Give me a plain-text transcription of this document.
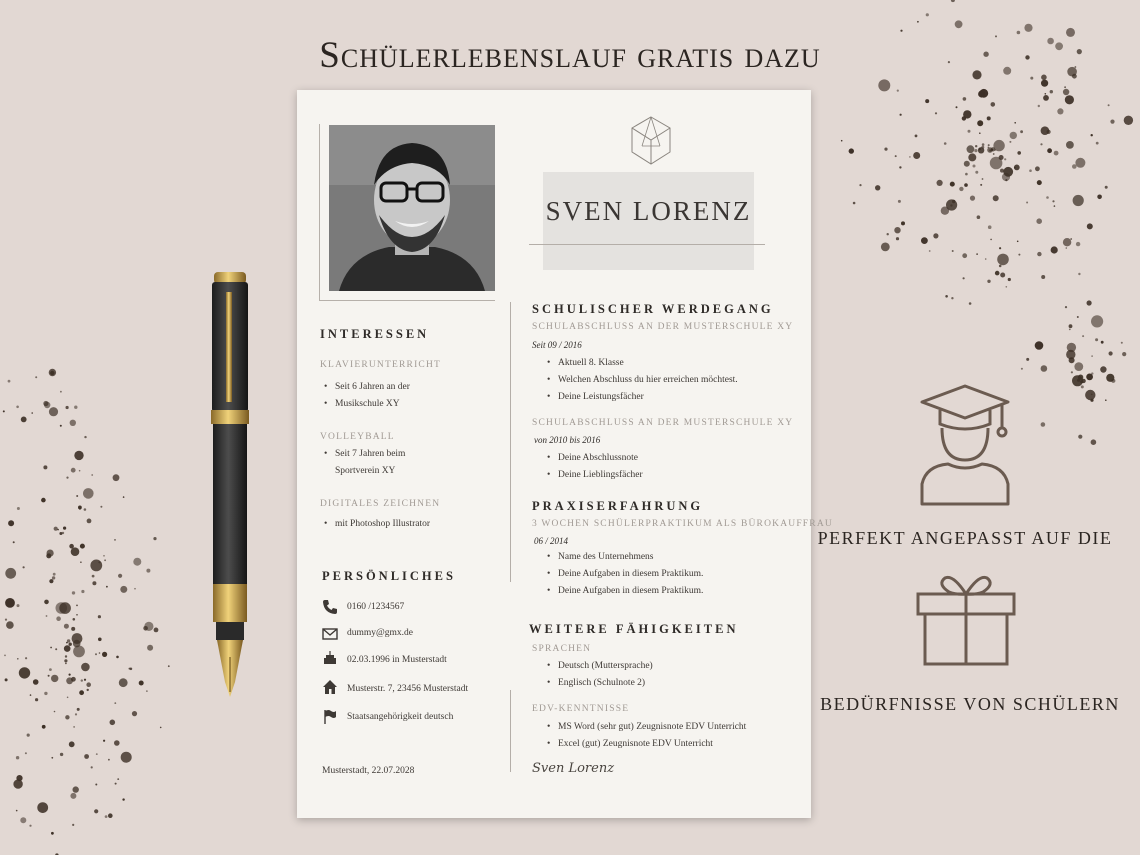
Schülerlebenslauf gratis dazu
SVEN LORENZ
INTERESSEN
KLAVIERUNTERRICHT
• Seit 6 Jahren an der
• Musikschule XY
VOLLEYBALL
• Seit 7 Jahren beim
Sportverein XY
DIGITALES ZEICHNEN
• mit Photoshop Illustrator
PERSÖNLICHES
0160 /1234567
dummy@gmx.de
02.03.1996 in Musterstadt
Musterstr. 7, 23456 Musterstadt
Staatsangehörigkeit deutsch
Musterstadt, 22.07.2028
SCHULISCHER WERDEGANG
SCHULABSCHLUSS AN DER MUSTERSCHULE XY
Seit 09 / 2016
• Aktuell 8. Klasse
• Welchen Abschluss du hier erreichen möchtest.
• Deine Leistungsfächer
SCHULABSCHLUSS AN DER MUSTERSCHULE XY
von 2010 bis 2016
• Deine Abschlussnote
• Deine Lieblingsfächer
PRAXISERFAHRUNG
3 WOCHEN SCHÜLERPRAKTIKUM ALS BÜROKAUFFRAU
06 / 2014
• Name des Unternehmens
• Deine Aufgaben in diesem Praktikum.
• Deine Aufgaben in diesem Praktikum.
WEITERE FÄHIGKEITEN
SPRACHEN
• Deutsch (Muttersprache)
• Englisch (Schulnote 2)
EDV-KENNTNISSE
• MS Word (sehr gut) Zeugnisnote EDV Unterricht
• Excel (gut) Zeugnisnote EDV Unterricht
Sven Lorenz
PERFEKT ANGEPASST AUF DIE
BEDÜRFNISSE VON SCHÜLERN
